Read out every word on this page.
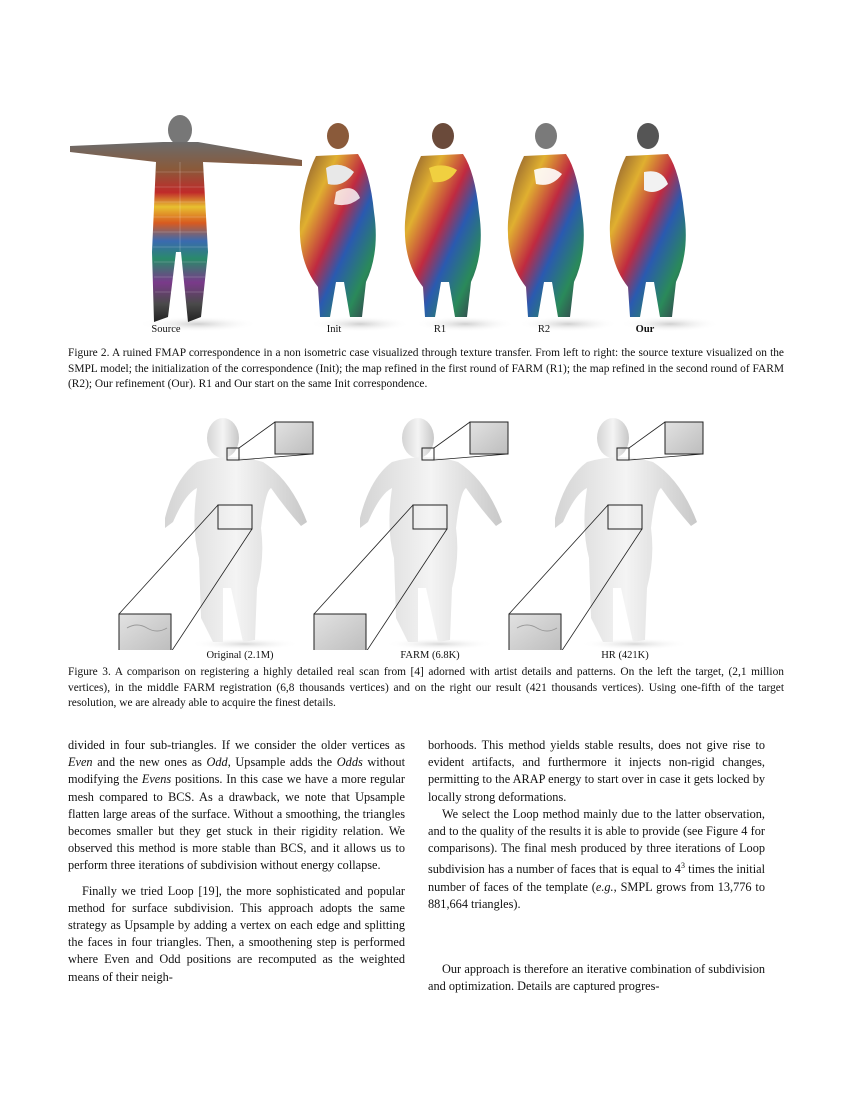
Source	Init	R1	R2	Our
Figure 2. A ruined FMAP correspondence in a non isometric case visualized through texture transfer. From left to right: the source texture visualized on the SMPL model; the initialization of the correspondence (Init); the map refined in the first round of FARM (R1); the map refined in the second round of FARM (R2); Our refinement (Our). R1 and Our start on the same Init correspondence.
Original (2.1M)	FARM (6.8K)	HR (421K)
Figure 3. A comparison on registering a highly detailed real scan from [4] adorned with artist details and patterns. On the left the target, (2,1 million vertices), in the middle FARM registration (6,8 thousands vertices) and on the right our result (421 thousands vertices). Using one-fifth of the target resolution, we are already able to acquire the finest details.

divided in four sub-triangles. If we consider the older vertices as Even and the new ones as Odd, Upsample adds the Odds without modifying the Evens positions. In this case we have a more regular mesh compared to BCS. As a drawback, we note that Upsample flatten large areas of the surface. Without a smoothing, the triangles becomes smaller but they get stuck in their rigidity relation. We observed this method is more stable than BCS, and it allows us to perform three iterations of subdivision without energy collapse.

Finally we tried Loop [19], the more sophisticated and popular method for surface subdivision. This approach adopts the same strategy as Upsample by adding a vertex on each edge and splitting the faces in four triangles. Then, a smoothening step is performed where Even and Odd positions are recomputed as the weighted means of their neigh-

borhoods. This method yields stable results, does not give rise to evident artifacts, and furthermore it injects non-rigid changes, permitting to the ARAP energy to start over in case it gets locked by locally strong deformations.

We select the Loop method mainly due to the latter observation, and to the quality of the results it is able to provide (see Figure 4 for comparisons). The final mesh produced by three iterations of Loop subdivision has a number of faces that is equal to $4^3$ times the initial number of faces of the template (e.g., SMPL grows from 13,776 to 881,664 triangles).

Our approach is therefore an iterative combination of subdivision and optimization. Details are captured progres-
